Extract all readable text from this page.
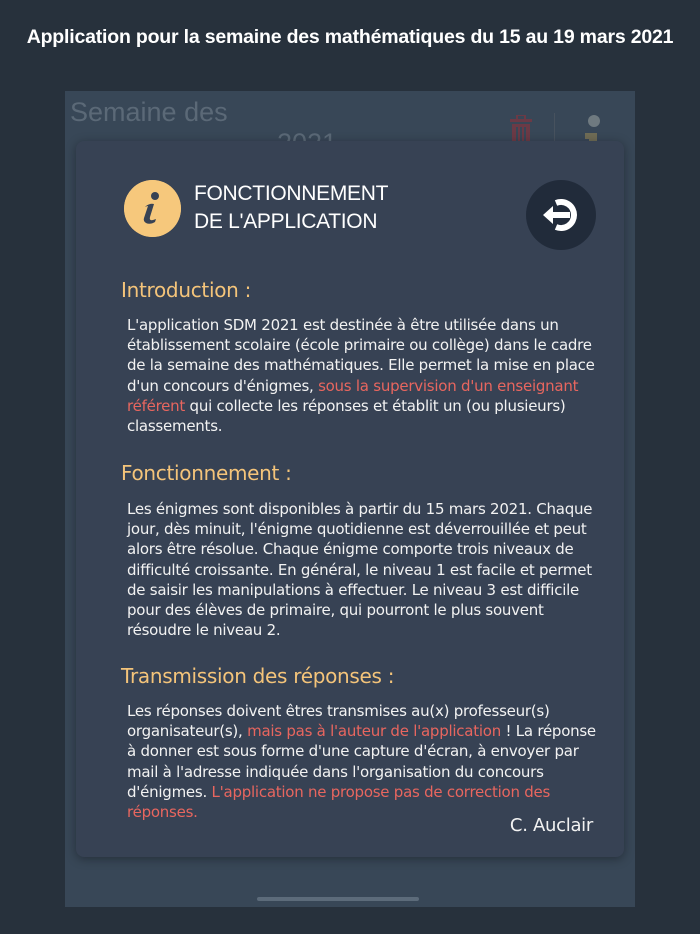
Application pour la semaine des mathématiques du 15 au 19 mars 2021
Semaine des
FONCTIONNEMENT
DE L'APPLICATION
Introduction :
L'application SDM 2021 est destinée à être utilisée dans un établissement scolaire (école primaire ou collège) dans le cadre de la semaine des mathématiques. Elle permet la mise en place d'un concours d'énigmes, sous la supervision d'un enseignant référent qui collecte les réponses et établit un (ou plusieurs) classements.
Fonctionnement :
Les énigmes sont disponibles à partir du 15 mars 2021. Chaque jour, dès minuit, l'énigme quotidienne est déverrouillée et peut alors être résolue. Chaque énigme comporte trois niveaux de difficulté croissante. En général, le niveau 1 est facile et permet de saisir les manipulations à effectuer. Le niveau 3 est difficile pour des élèves de primaire, qui pourront le plus souvent résoudre le niveau 2.
Transmission des réponses :
Les réponses doivent êtres transmises au(x) professeur(s) organisateur(s), mais pas à l'auteur de l'application ! La réponse à donner est sous forme d'une capture d'écran, à envoyer par mail à l'adresse indiquée dans l'organisation du concours d'énigmes. L'application ne propose pas de correction des réponses.
C. Auclair
